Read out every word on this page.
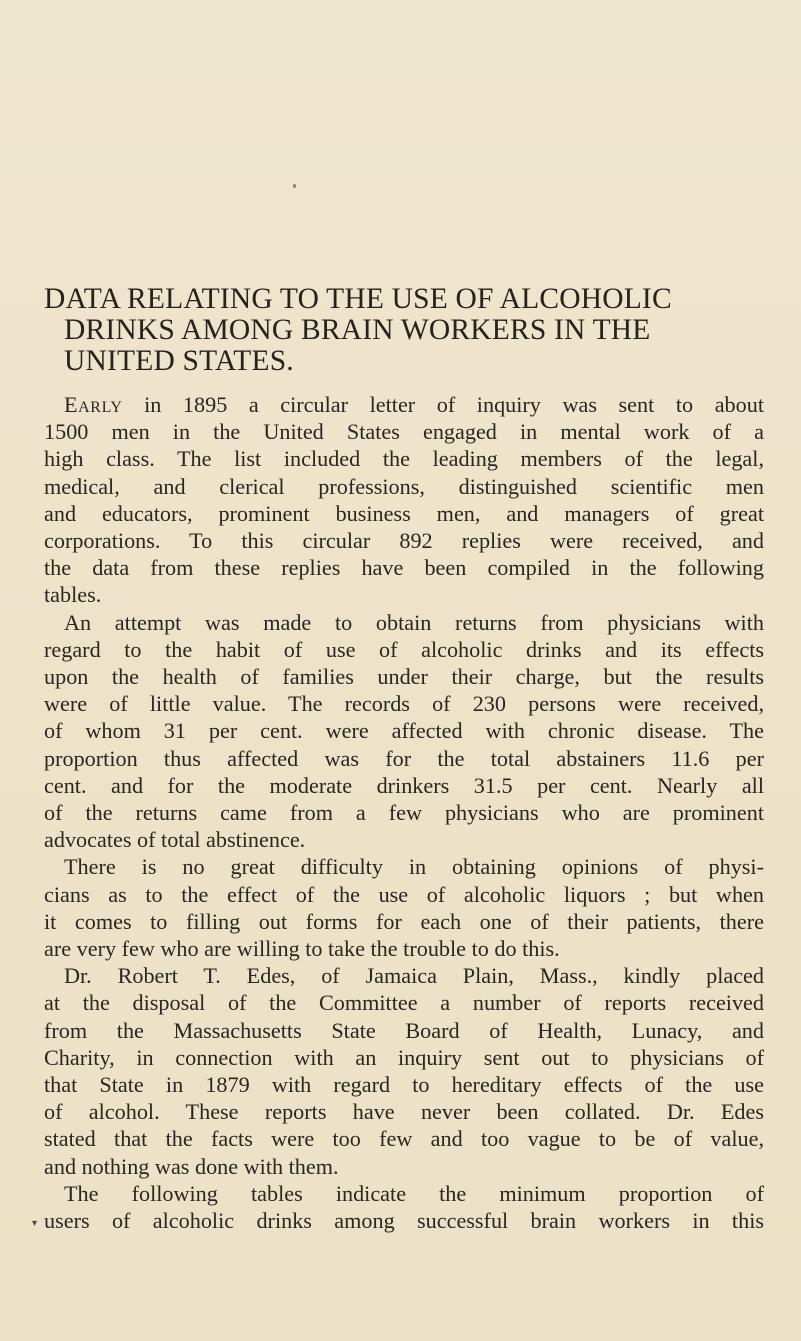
DATA RELATING TO THE USE OF ALCOHOLIC
DRINKS AMONG BRAIN WORKERS IN THE
UNITED STATES.

Early in 1895 a circular letter of inquiry was sent to about
1500 men in the United States engaged in mental work of a
high class. The list included the leading members of the legal,
medical, and clerical professions, distinguished scientific men
and educators, prominent business men, and managers of great
corporations. To this circular 892 replies were received, and
the data from these replies have been compiled in the following
tables.

An attempt was made to obtain returns from physicians with
regard to the habit of use of alcoholic drinks and its effects
upon the health of families under their charge, but the results
were of little value. The records of 230 persons were received,
of whom 31 per cent. were affected with chronic disease. The
proportion thus affected was for the total abstainers 11.6 per
cent. and for the moderate drinkers 31.5 per cent. Nearly all
of the returns came from a few physicians who are prominent
advocates of total abstinence.

There is no great difficulty in obtaining opinions of physi-
cians as to the effect of the use of alcoholic liquors ; but when
it comes to filling out forms for each one of their patients, there
are very few who are willing to take the trouble to do this.

Dr. Robert T. Edes, of Jamaica Plain, Mass., kindly placed
at the disposal of the Committee a number of reports received
from the Massachusetts State Board of Health, Lunacy, and
Charity, in connection with an inquiry sent out to physicians of
that State in 1879 with regard to hereditary effects of the use
of alcohol. These reports have never been collated. Dr. Edes
stated that the facts were too few and too vague to be of value,
and nothing was done with them.

The following tables indicate the minimum proportion of
users of alcoholic drinks among successful brain workers in this

▾
